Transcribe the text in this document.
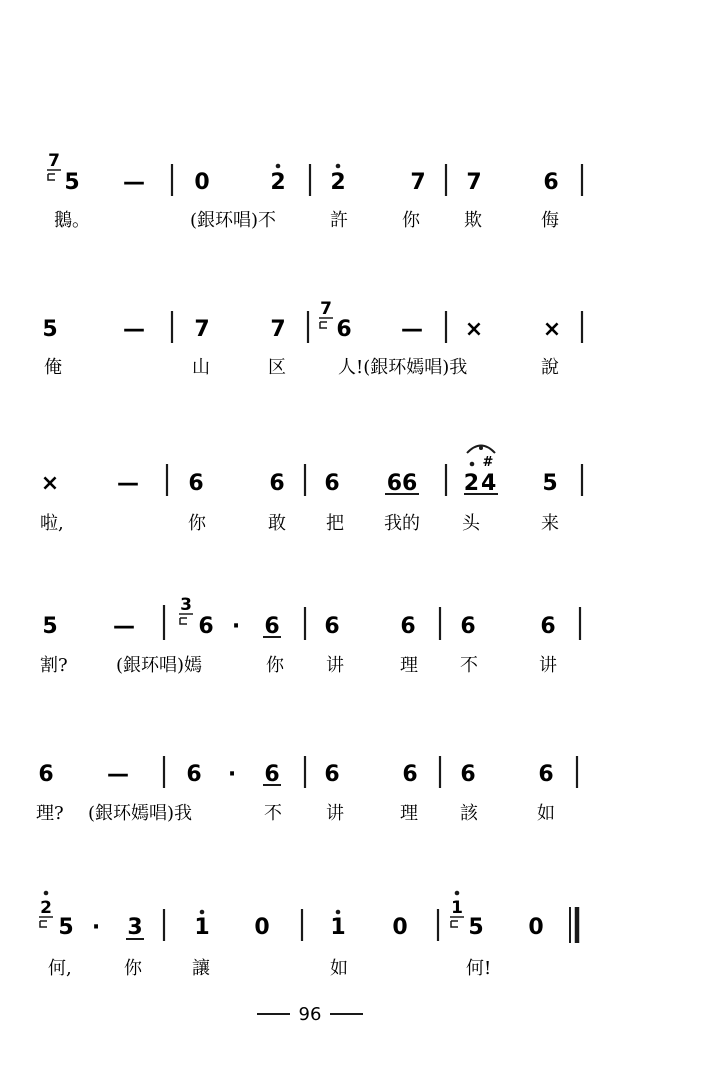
7
5 — 0	2 2	7 7	6
鵝。	(銀环唱)不	許	你 欺	侮
5	— 7	7
7
6 — ×	×
俺	山	区	人!(銀环嫣唱)我	說
×	— 6	6 6 66
#
24 5
啦,	你	敢 把 我的 头	来
5	—
3
6 · 6 6	6 6	6
割?	(銀环唱)嫣	你 讲	理 不	讲
6 —	6 · 6 6	6 6	6
理? (銀环嫣唱)我	不 讲	理 該	如
2
5 · 3 1 0	1 0
1
5 0
何,	你	讓	如	何!
96
